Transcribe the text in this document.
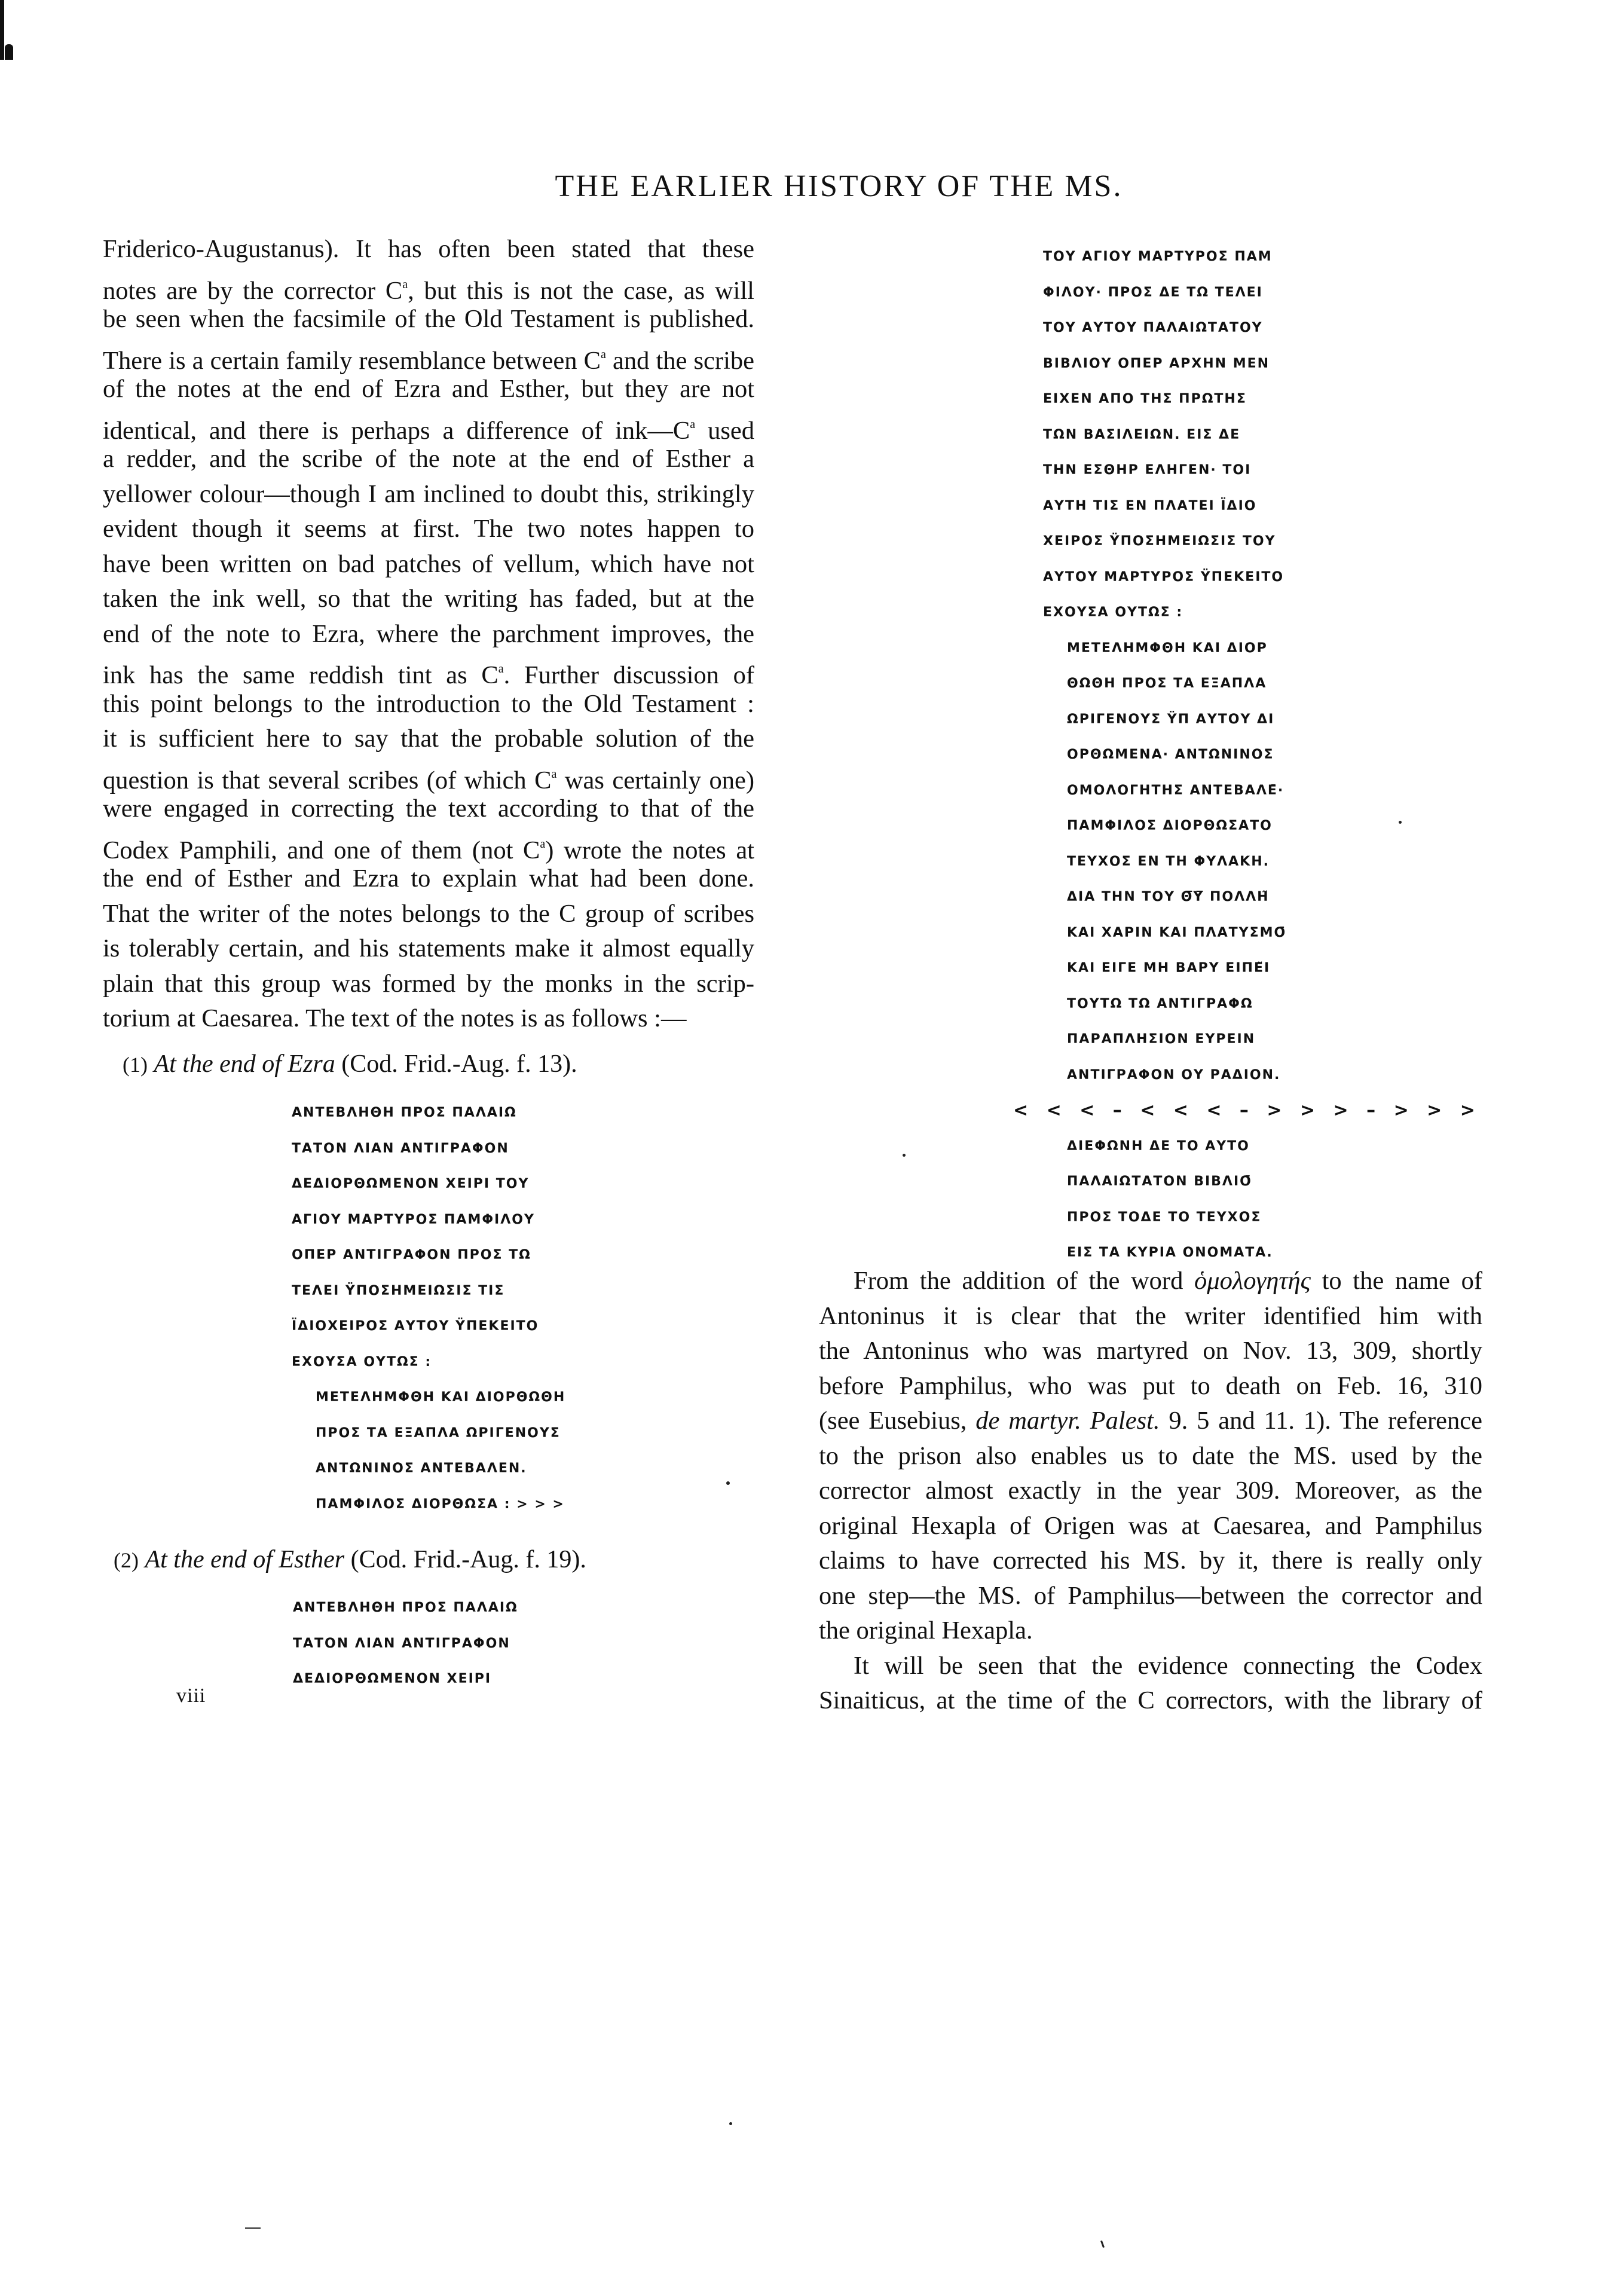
THE EARLIER HISTORY OF THE MS.
Friderico-Augustanus). It has often been stated that these
notes are by the corrector $C^a$, but this is not the case, as will
be seen when the facsimile of the Old Testament is published.
There is a certain family resemblance between $C^a$ and the scribe
of the notes at the end of Ezra and Esther, but they are not
identical, and there is perhaps a difference of $ink—C^a$ used
a redder, and the scribe of the note at the end of Esther a
yellower colour—though I am inclined to doubt this, strikingly
evident though it seems at first. The two notes happen to
have been written on bad patches of vellum, which have not
taken the ink well, so that the writing has faded, but at the
end of the note to Ezra, where the parchment improves, the
ink has the same reddish tint as $C^a$. Further discussion of
this point belongs to the introduction to the Old Testament :
it is sufficient here to say that the probable solution of the
question is that several scribes (of which $C^a$ was certainly one)
were engaged in correcting the text according to that of the
Codex Pamphili, and one of them (not $C^a$) wrote the notes at
the end of Esther and Ezra to explain what had been done.
That the writer of the notes belongs to the C group of scribes
is tolerably certain, and his statements make it almost equally
plain that this group was formed by the monks in the scrip-
torium at Caesarea. The text of the notes is as follows :—
(1) At the end of Ezra (Cod. Frid.-Aug. f. 13).
ΑΝΤΕΒΛΗΘΗ ΠΡΟΣ ΠΑΛΑΙΩ
ΤΑΤΟΝ ΛΙΑΝ ΑΝΤΙΓΡΑΦΟΝ
ΔΕΔΙΟΡΘΩΜΕΝΟΝ ΧΕΙΡΙ ΤΟΥ
ΑΓΙΟΥ ΜΑΡΤΥΡΟΣ ΠΑΜΦΙΛΟΥ
ΟΠΕΡ ΑΝΤΙΓΡΑΦΟΝ ΠΡΟΣ ΤΩ
ΤΕΛΕΙ ΫΠΟΣΗΜΕΙΩΣΙΣ ΤΙΣ
ΪΔΙΟΧΕΙΡΟΣ ΑΥΤΟΥ ΫΠΕΚΕΙΤΟ
ΕΧΟΥΣΑ ΟΥΤΩΣ :
ΜΕΤΕΛΗΜΦΘΗ ΚΑΙ ΔΙΟΡΘΩΘΗ
ΠΡΟΣ ΤΑ ΕΞΑΠΛΑ ΩΡΙΓΕΝΟΥΣ
ΑΝΤΩΝΙΝΟΣ ΑΝΤΕΒΑΛΕΝ.
ΠΑΜΦΙΛΟΣ ΔΙΟΡΘΩΣΑ : > > >
(2) At the end of Esther (Cod. Frid.-Aug. f. 19).
ΑΝΤΕΒΛΗΘΗ ΠΡΟΣ ΠΑΛΑΙΩ
ΤΑΤΟΝ ΛΙΑΝ ΑΝΤΙΓΡΑΦΟΝ
ΔΕΔΙΟΡΘΩΜΕΝΟΝ ΧΕΙΡΙ
viii
ΤΟΥ ΑΓΙΟΥ ΜΑΡΤΥΡΟΣ ΠΑΜ
ΦΙΛΟΥ· ΠΡΟΣ ΔΕ ΤΩ ΤΕΛΕΙ
ΤΟΥ ΑΥΤΟΥ ΠΑΛΑΙΩΤΑΤΟΥ
ΒΙΒΛΙΟΥ ΟΠΕΡ ΑΡΧΗΝ ΜΕΝ
ΕΙΧΕΝ ΑΠΟ ΤΗΣ ΠΡΩΤΗΣ
ΤΩΝ ΒΑΣΙΛΕΙΩΝ. ΕΙΣ ΔΕ
ΤΗΝ ΕΣΘΗΡ ΕΛΗΓΕΝ· ΤΟΙ
ΑΥΤΗ ΤΙΣ ΕΝ ΠΛΑΤΕΙ ΪΔΙΟ
ΧΕΙΡΟΣ ΫΠΟΣΗΜΕΙΩΣΙΣ ΤΟΥ
ΑΥΤΟΥ ΜΑΡΤΥΡΟΣ ΫΠΕΚΕΙΤΟ
ΕΧΟΥΣΑ ΟΥΤΩΣ :
ΜΕΤΕΛΗΜΦΘΗ ΚΑΙ ΔΙΟΡ
ΘΩΘΗ ΠΡΟΣ ΤΑ ΕΞΑΠΛΑ
ΩΡΙΓΕΝΟΥΣ ΫΠ ΑΥΤΟΥ ΔΙ
ΟΡΘΩΜΕΝΑ· ΑΝΤΩΝΙΝΟΣ
ΟΜΟΛΟΓΗΤΗΣ ΑΝΤΕΒΑΛΕ̄·
ΠΑΜΦΙΛΟΣ ΔΙΟΡΘΩΣΑΤΟ
ΤΕΥΧΟΣ ΕΝ ΤΗ ΦΥΛΑΚΗ.
ΔΙΑ ΤΗΝ ΤΟΥ Θ̅Υ̅ ΠΟΛΛΗ̃
ΚΑΙ ΧΑΡΙΝ ΚΑΙ ΠΛΑΤΥΣΜΟ̄
ΚΑΙ ΕΙΓΕ ΜΗ ΒΑΡΥ ΕΙΠΕ̃Ι
ΤΟΥΤΩ ΤΩ ΑΝΤΙΓΡΑΦΩ
ΠΑΡΑΠΛΗΣΙΟΝ ΕΥΡΕΙΝ
ΑΝΤΙΓΡΑΦΟΝ ΟΥ ΡΑΔΙΟΝ.
< < < – < < < – > > > – > > >
ΔΙΕΦΩΝΗ ΔΕ ΤΟ ΑΥΤΟ
ΠΑΛΑΙΩΤΑΤΟΝ ΒΙΒΛΙΟ̄
ΠΡΟΣ ΤΟΔΕ ΤΟ ΤΕΥΧΟΣ
ΕΙΣ ΤΑ ΚΥΡΙΑ ΟΝΟΜΑΤΑ.
From the addition of the word ὁμολογητής to the name of
Antoninus it is clear that the writer identified him with
the Antoninus who was martyred on Nov. 13, 309, shortly
before Pamphilus, who was put to death on Feb. 16, 310
(see Eusebius, de martyr. Palest. 9. 5 and 11. 1). The reference
to the prison also enables us to date the MS. used by the
corrector almost exactly in the year 309. Moreover, as the
original Hexapla of Origen was at Caesarea, and Pamphilus
claims to have corrected his MS. by it, there is really only
one step—the MS. of Pamphilus—between the corrector and
the original Hexapla.
It will be seen that the evidence connecting the Codex
Sinaiticus, at the time of the C correctors, with the library of
